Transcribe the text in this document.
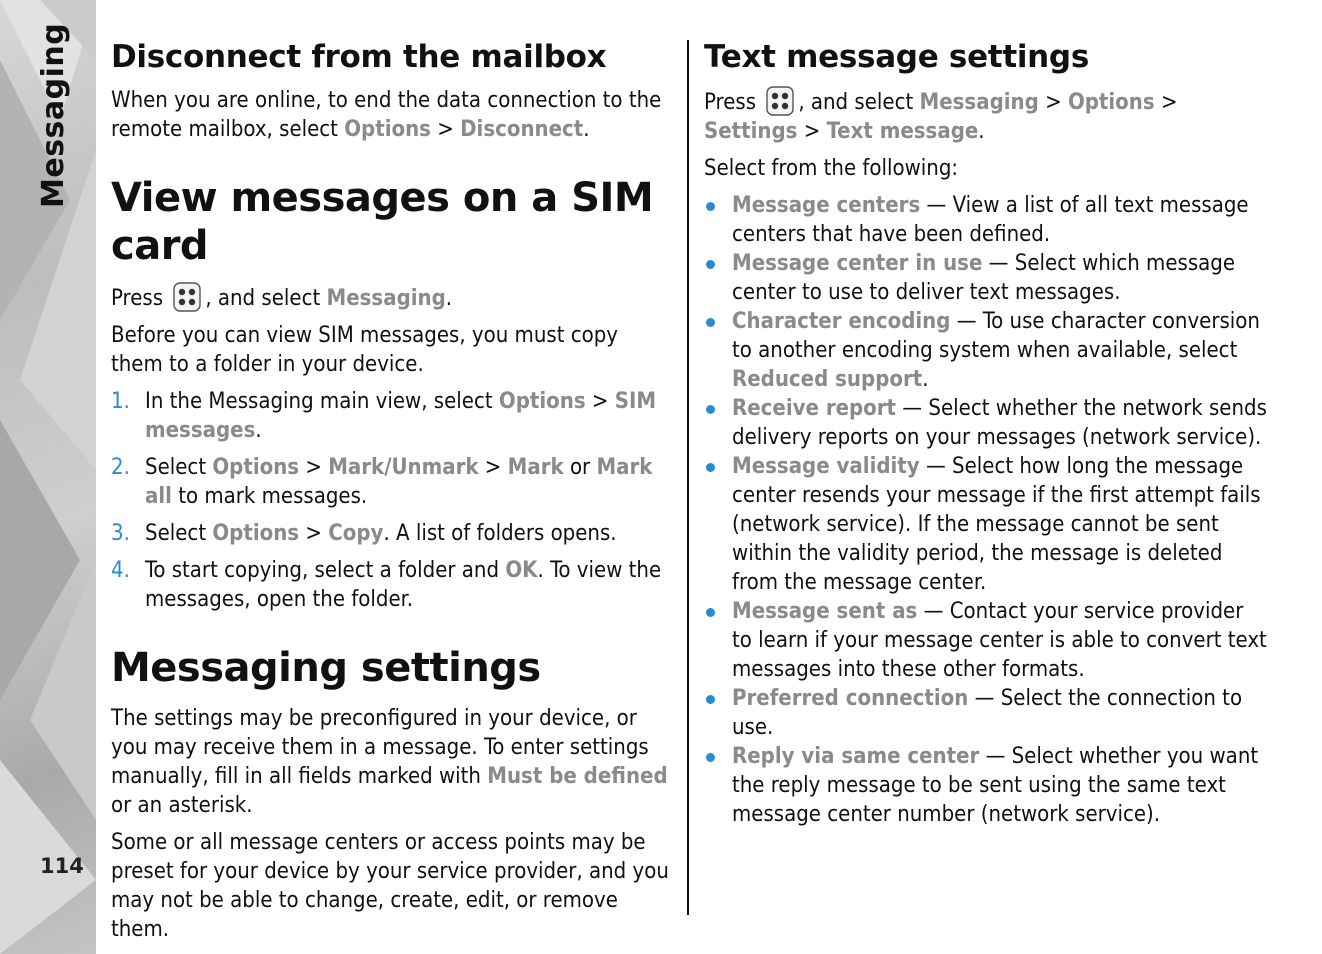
Messaging
114
Disconnect from the mailbox

When you are online, to end the data connection to the remote mailbox, select Options > Disconnect.

View messages on a SIM card

Press , and select Messaging.

Before you can view SIM messages, you must copy them to a folder in your device.

1. In the Messaging main view, select Options > SIM messages.
2. Select Options > Mark/Unmark > Mark or Mark all to mark messages.
3. Select Options > Copy. A list of folders opens.
4. To start copying, select a folder and OK. To view the messages, open the folder.
Messaging settings

The settings may be preconfigured in your device, or you may receive them in a message. To enter settings manually, fill in all fields marked with Must be defined or an asterisk.

Some or all message centers or access points may be preset for your device by your service provider, and you may not be able to change, create, edit, or remove them.

Text message settings

Press , and select Messaging > Options > Settings > Text message.

Select from the following:

Message centers — View a list of all text message centers that have been defined.
Message center in use — Select which message center to use to deliver text messages.
Character encoding — To use character conversion to another encoding system when available, select Reduced support.
Receive report — Select whether the network sends delivery reports on your messages (network service).
Message validity — Select how long the message center resends your message if the first attempt fails (network service). If the message cannot be sent within the validity period, the message is deleted from the message center.
Message sent as — Contact your service provider to learn if your message center is able to convert text messages into these other formats.
Preferred connection — Select the connection to use.
Reply via same center — Select whether you want the reply message to be sent using the same text message center number (network service).
